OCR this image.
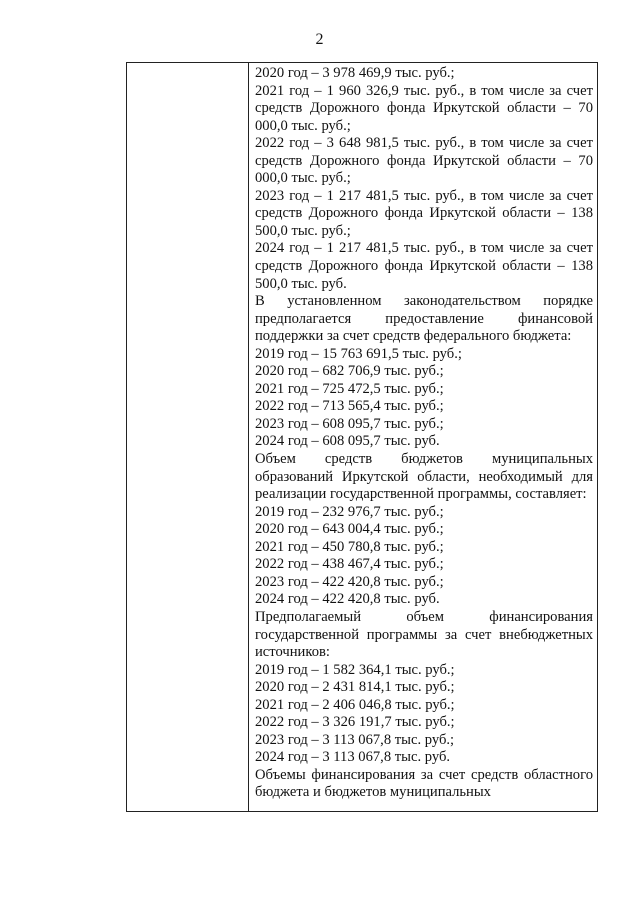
2

2020 год – 3 978 469,9 тыс. руб.;

2021 год – 1 960 326,9 тыс. руб., в том числе за счет средств Дорожного фонда Иркутской области – 70 000,0 тыс. руб.;

2022 год – 3 648 981,5 тыс. руб., в том числе за счет средств Дорожного фонда Иркутской области – 70 000,0 тыс. руб.;

2023 год – 1 217 481,5 тыс. руб., в том числе за счет средств Дорожного фонда Иркутской области – 138 500,0 тыс. руб.;

2024 год – 1 217 481,5 тыс. руб., в том числе за счет средств Дорожного фонда Иркутской области – 138 500,0 тыс. руб.

В установленном законодательством порядке предполагается предоставление финансовой поддержки за счет средств федерального бюджета:

2019 год – 15 763 691,5 тыс. руб.;

2020 год – 682 706,9 тыс. руб.;

2021 год – 725 472,5 тыс. руб.;

2022 год – 713 565,4 тыс. руб.;

2023 год – 608 095,7 тыс. руб.;

2024 год – 608 095,7 тыс. руб.

Объем средств бюджетов муниципальных образований Иркутской области, необходимый для реализации государственной программы, составляет:

2019 год – 232 976,7 тыс. руб.;

2020 год – 643 004,4 тыс. руб.;

2021 год – 450 780,8 тыс. руб.;

2022 год – 438 467,4 тыс. руб.;

2023 год – 422 420,8 тыс. руб.;

2024 год – 422 420,8 тыс. руб.

Предполагаемый объем финансирования государственной программы за счет внебюджетных источников:

2019 год – 1 582 364,1 тыс. руб.;

2020 год – 2 431 814,1 тыс. руб.;

2021 год – 2 406 046,8 тыс. руб.;

2022 год – 3 326 191,7 тыс. руб.;

2023 год – 3 113 067,8 тыс. руб.;

2024 год – 3 113 067,8 тыс. руб.

Объемы финансирования за счет средств областного бюджета и бюджетов муниципальных
